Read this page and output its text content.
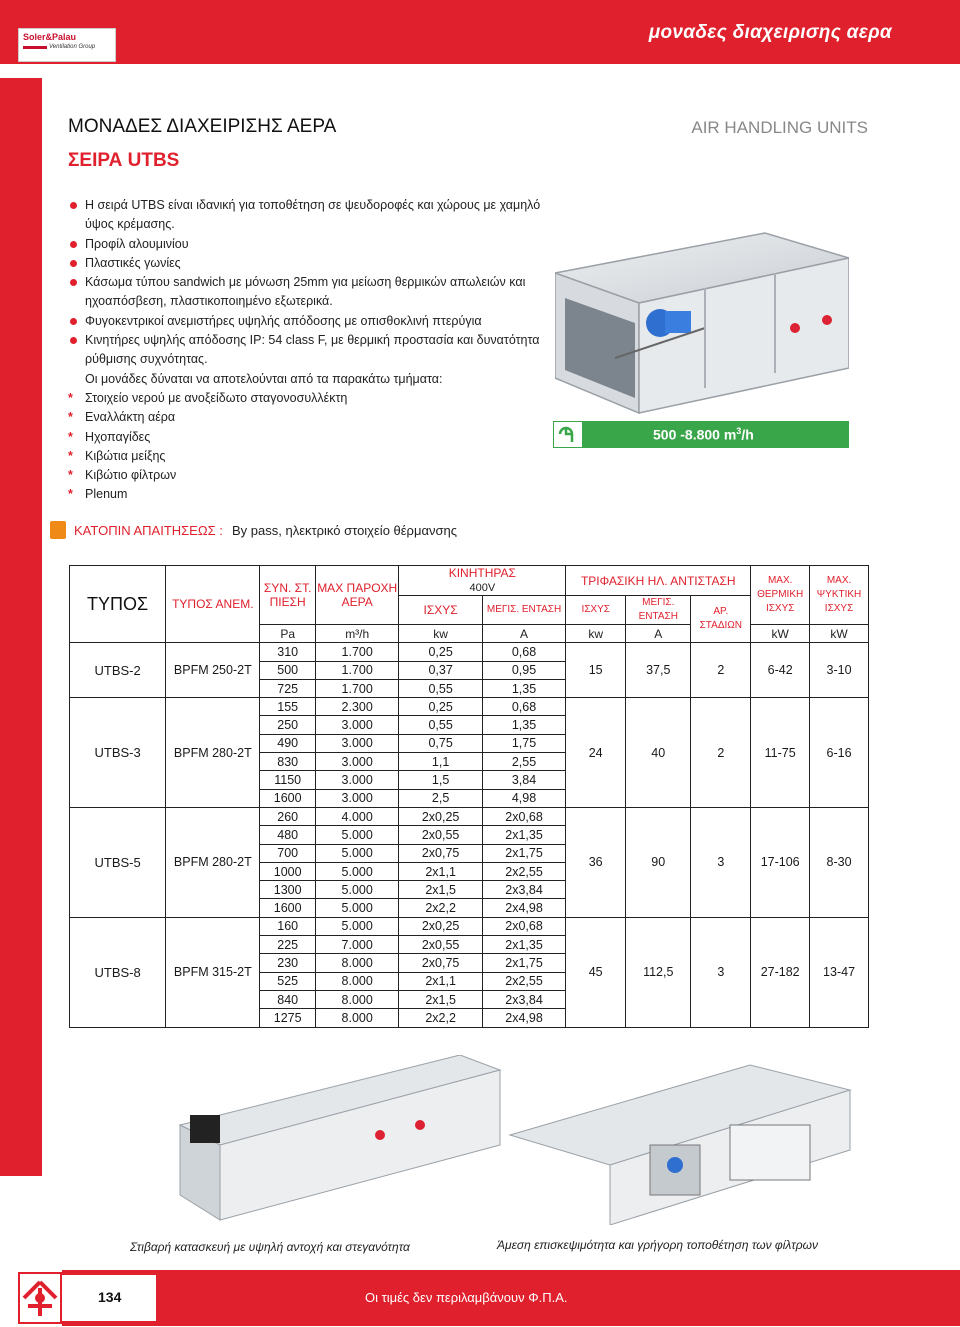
Soler&Palau
Ventilation Group
μοναδες διαχειρισης αερα
ΜΟΝΑΔΕΣ ΔΙΑΧΕΙΡΙΣΗΣ ΑΕΡΑ
ΣΕΙΡΑ UTBS
AIR HANDLING UNITS
Η σειρά UTBS είναι ιδανική για τοποθέτηση σε ψευδοροφές και χώρους με χαμηλό ύψος κρέμασης.
Προφίλ αλουμινίου
Πλαστικές γωνίες
Κάσωμα τύπου sandwich με μόνωση 25mm για μείωση θερμικών απωλειών και ηχοαπόσβεση, πλαστικοποιημένο εξωτερικά.
Φυγοκεντρικοί ανεμιστήρες υψηλής απόδοσης με οπισθοκλινή πτερύγια
Κινητήρες υψηλής απόδοσης IP: 54 class F, με θερμική προστασία και δυνατότητα ρύθμισης συχνότητας.
Οι μονάδες δύναται να αποτελούνται από τα παρακάτω τμήματα:
* Στοιχείο νερού με ανοξείδωτο σταγονοσυλλέκτη
* Εναλλάκτη αέρα
* Ηχοπαγίδες
* Κιβώτια μείξης
* Κιβώτιο φίλτρων
* Plenum
500 -8.800 $m^3/h$
ΚΑΤΟΠΙΝ ΑΠΑΙΤΗΣΕΩΣ : By pass, ηλεκτρικό στοιχείο θέρμανσης
ΤΥΠΟΣ	ΤΥΠΟΣ ΑΝΕΜ.	ΣΥΝ. ΣΤ. ΠΙΕΣΗ	MAX ΠΑΡΟΧΗ ΑΕΡΑ	ΚΙΝΗΤΗΡΑΣ
400V		ΤΡΙΦΑΣΙΚΗ ΗΛ. ΑΝΤΙΣΤΑΣΗ			MAX. ΘΕΡΜΙΚΗ ΙΣΧΥΣ	MAX. ΨΥΚΤΙΚΗ ΙΣΧΥΣ
				ΙΣΧΥΣ	ΜΕΓΙΣ. ΕΝΤΑΣΗ	ΙΣΧΥΣ	ΜΕΓΙΣ. ΕΝΤΑΣΗ	ΑΡ. ΣΤΑΔΙΩΝ		
		Pa	m³/h	kw	A	kw	A		kW	kW
UTBS-2	BPFM 250-2T	310	1.700	0,25	0,68	15	37,5	2	6-42	3-10
		500	1.700	0,37	0,95					
		725	1.700	0,55	1,35					
UTBS-3	BPFM 280-2T	155	2.300	0,25	0,68	24	40	2	11-75	6-16
		250	3.000	0,55	1,35					
		490	3.000	0,75	1,75					
		830	3.000	1,1	2,55					
		1150	3.000	1,5	3,84					
		1600	3.000	2,5	4,98					
UTBS-5	BPFM 280-2T	260	4.000	2x0,25	2x0,68	36	90	3	17-106	8-30
		480	5.000	2x0,55	2x1,35					
		700	5.000	2x0,75	2x1,75					
		1000	5.000	2x1,1	2x2,55					
		1300	5.000	2x1,5	2x3,84					
		1600	5.000	2x2,2	2x4,98					
UTBS-8	BPFM 315-2T	160	5.000	2x0,25	2x0,68	45	112,5	3	27-182	13-47
		225	7.000	2x0,55	2x1,35					
		230	8.000	2x0,75	2x1,75					
		525	8.000	2x1,1	2x2,55					
		840	8.000	2x1,5	2x3,84					
		1275	8.000	2x2,2	2x4,98					
Στιβαρή κατασκευή με υψηλή αντοχή και στεγανότητα	Άμεση επισκεψιμότητα και γρήγορη τοποθέτηση των φίλτρων
134	Οι τιμές δεν περιλαμβάνουν Φ.Π.Α.
